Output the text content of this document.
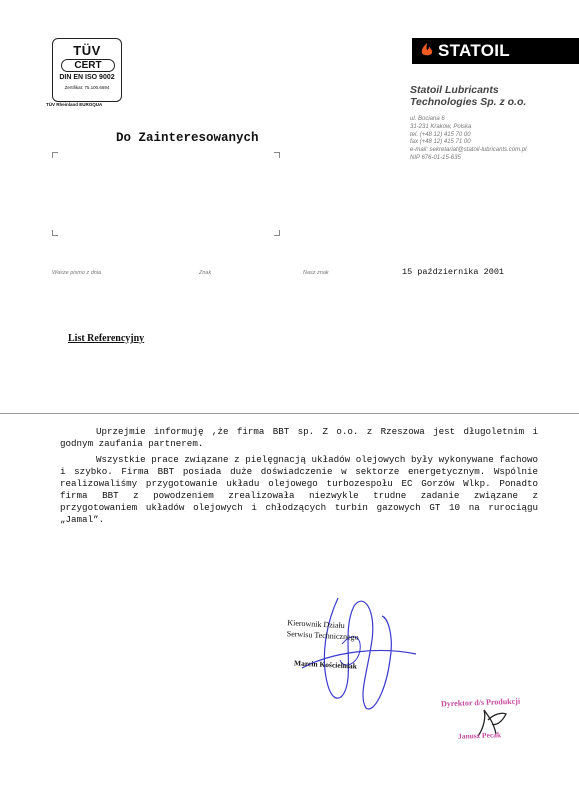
TÜV
CERT
DIN EN ISO 9002
Zertifikat: 75.100.6694
TÜV Rheinland EUROQUA
STATOIL
Statoil Lubricants
Technologies Sp. z o.o.
ul. Bociana 6
31-231 Kraków, Polska
tel. (+48 12) 415 70 00
fax (+48 12) 415 71 00
e-mail: sekretariat@statoil-lubricants.com.pl
NIP 676-01-15-635
Do Zainteresowanych
Wasze pismo z dnia	Znak	Nasz znak	15 października 2001
List Referencyjny
Uprzejmie informuję ,że firma BBT sp. Z o.o. z Rzeszowa jest długoletnim i godnym zaufania partnerem.
Wszystkie prace związane z pielęgnacją układów olejowych były wykonywane fachowo i szybko. Firma BBT posiada duże doświadczenie w sektorze energetycznym. Wspólnie realizowaliśmy przygotowanie układu olejowego turbozespołu EC Gorzów Wlkp. Ponadto firma BBT z powodzeniem zrealizowała niezwykle trudne zadanie związane z przygotowaniem układów olejowych i chłodzących turbin gazowych GT 10 na rurociągu „Jamal”.
Kierownik Działu
Serwisu Technicznego
Marcin Kościelniak
Dyrektor d/s Produkcji
Janusz Pecak
